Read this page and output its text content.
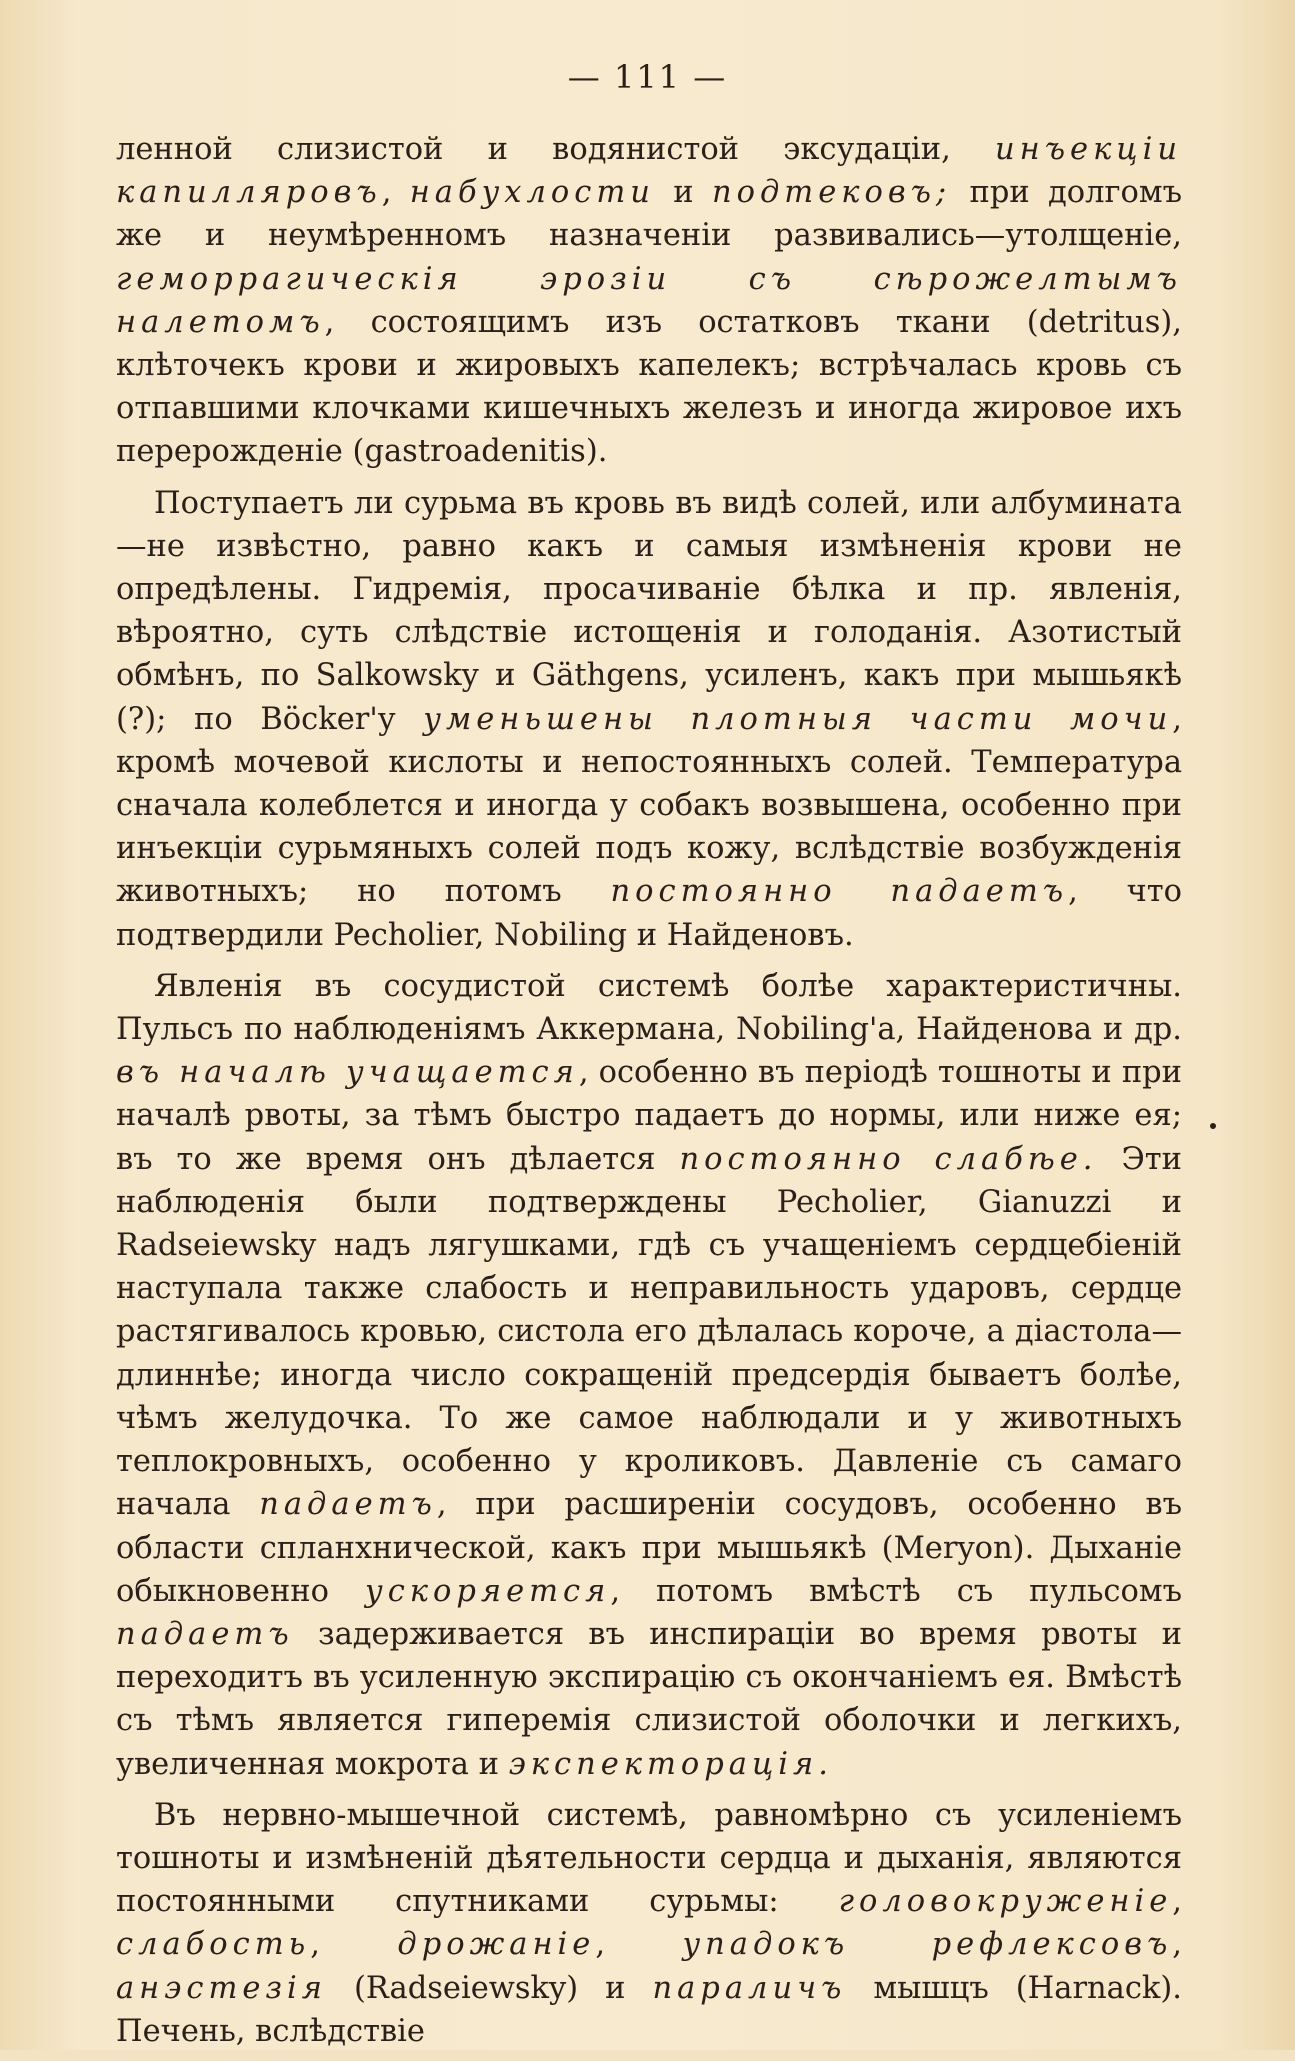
— 111 —

ленной слизистой и водянистой эксудаціи, инъекціи капилляровъ, набухлости и подтековъ; при долгомъ же и неумѣренномъ назначеніи развивались—утолщеніе, геморрагическія эрозіи съ сѣрожелтымъ налетомъ, состоящимъ изъ остатковъ ткани (detritus), клѣточекъ крови и жировыхъ капелекъ; встрѣчалась кровь съ отпавшими клочками кишечныхъ железъ и иногда жировое ихъ перерожденіе (gastroadenitis).

Поступаетъ ли сурьма въ кровь въ видѣ солей, или албумината—не извѣстно, равно какъ и самыя измѣненія крови не опредѣлены. Гидремія, просачиваніе бѣлка и пр. явленія, вѣроятно, суть слѣдствіе истощенія и голоданія. Азотистый обмѣнъ, по Salkowsky и Gäthgens, усиленъ, какъ при мышьякѣ (?); по Böcker'у уменьшены плотныя части мочи, кромѣ мочевой кислоты и непостоянныхъ солей. Температура сначала колеблется и иногда у собакъ возвышена, особенно при инъекціи сурьмяныхъ солей подъ кожу, вслѣдствіе возбужденія животныхъ; но потомъ постоянно падаетъ, что подтвердили Pecholier, Nobiling и Найденовъ.

Явленія въ сосудистой системѣ болѣе характеристичны. Пульсъ по наблюденіямъ Аккермана, Nobiling'а, Найденова и др. въ началѣ учащается, особенно въ періодѣ тошноты и при началѣ рвоты, за тѣмъ быстро падаетъ до нормы, или ниже ея; въ то же время онъ дѣлается постоянно слабѣе. Эти наблюденія были подтверждены Pecholier, Gianuzzi и Radseiewsky надъ лягушками, гдѣ съ учащеніемъ сердцебіеній наступала также слабость и неправильность ударовъ, сердце растягивалось кровью, систола его дѣлалась короче, а діастола—длиннѣе; иногда число сокращеній предсердія бываетъ болѣе, чѣмъ желудочка. То же самое наблюдали и у животныхъ теплокровныхъ, особенно у кроликовъ. Давленіе съ самаго начала падаетъ, при расширеніи сосудовъ, особенно въ области спланхнической, какъ при мышьякѣ (Meryon). Дыханіе обыкновенно ускоряется, потомъ вмѣстѣ съ пульсомъ падаетъ задерживается въ инспираціи во время рвоты и переходитъ въ усиленную экспирацію съ окончаніемъ ея. Вмѣстѣ съ тѣмъ является гиперемія слизистой оболочки и легкихъ, увеличенная мокрота и экспекторація.

Въ нервно-мышечной системѣ, равномѣрно съ усиленіемъ тошноты и измѣненій дѣятельности сердца и дыханія, являются постоянными спутниками сурьмы: головокруженіе, слабость, дрожаніе, упадокъ рефлексовъ, анэстезія (Radseiewsky) и параличъ мышцъ (Harnack). Печень, вслѣдствіе
